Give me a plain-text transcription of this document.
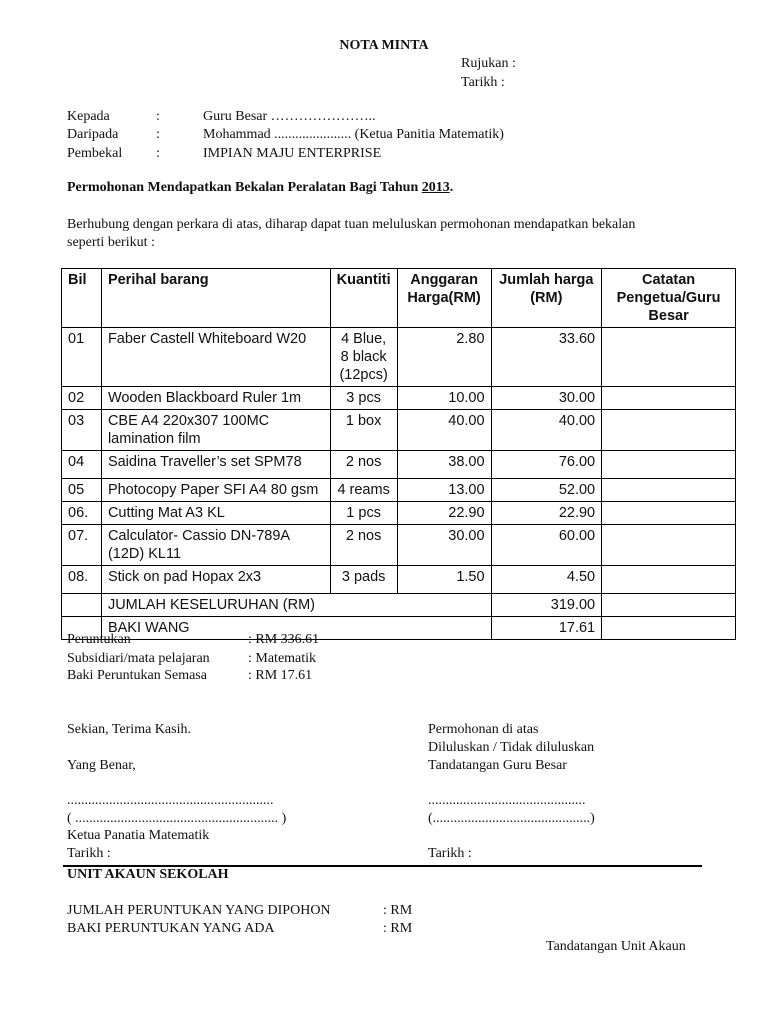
NOTA MINTA
Rujukan :
Tarikh :
Kepada	:	Guru Besar …………………..
Daripada	:	Mohammad ...................... (Ketua Panitia Matematik)
Pembekal :	IMPIAN MAJU ENTERPRISE
Permohonan Mendapatkan Bekalan Peralatan Bagi Tahun 2013.
Berhubung dengan perkara di atas, diharap dapat tuan meluluskan permohonan mendapatkan bekalan
seperti berikut :
Bil	Perihal barang	Kuantiti	Anggaran Harga(RM)	Jumlah harga (RM)	Catatan Pengetua/Guru Besar
01	Faber Castell Whiteboard W20	4 Blue, 8 black (12pcs)	2.80	33.60	
02	Wooden Blackboard Ruler 1m	3 pcs	10.00	30.00	
03	CBE A4 220x307 100MC lamination film	1 box	40.00	40.00	
04	Saidina Traveller’s set SPM78	2 nos	38.00	76.00	
05	Photocopy Paper SFI A4 80 gsm	4 reams	13.00	52.00	
06.	Cutting Mat A3 KL	1 pcs	22.90	22.90	
07.	Calculator- Cassio DN-789A (12D) KL11	2 nos	30.00	60.00	
08.	Stick on pad Hopax 2x3	3 pads	1.50	4.50	
	JUMLAH KESELURUHAN (RM)			319.00	
	BAKI WANG			17.61	
Peruntukan	: RM 336.61
Subsidiari/mata pelajaran	: Matematik
Baki Peruntukan Semasa	: RM 17.61
Sekian, Terima Kasih.
Yang Benar,
...........................................................
( .......................................................... )
Ketua Panatia Matematik
Tarikh :
Permohonan di atas
Diluluskan / Tidak diluluskan
Tandatangan Guru Besar
.............................................
(.............................................)
Tarikh :
UNIT AKAUN SEKOLAH
JUMLAH PERUNTUKAN YANG DIPOHON	: RM
BAKI PERUNTUKAN YANG ADA	: RM
Tandatangan Unit Akaun
